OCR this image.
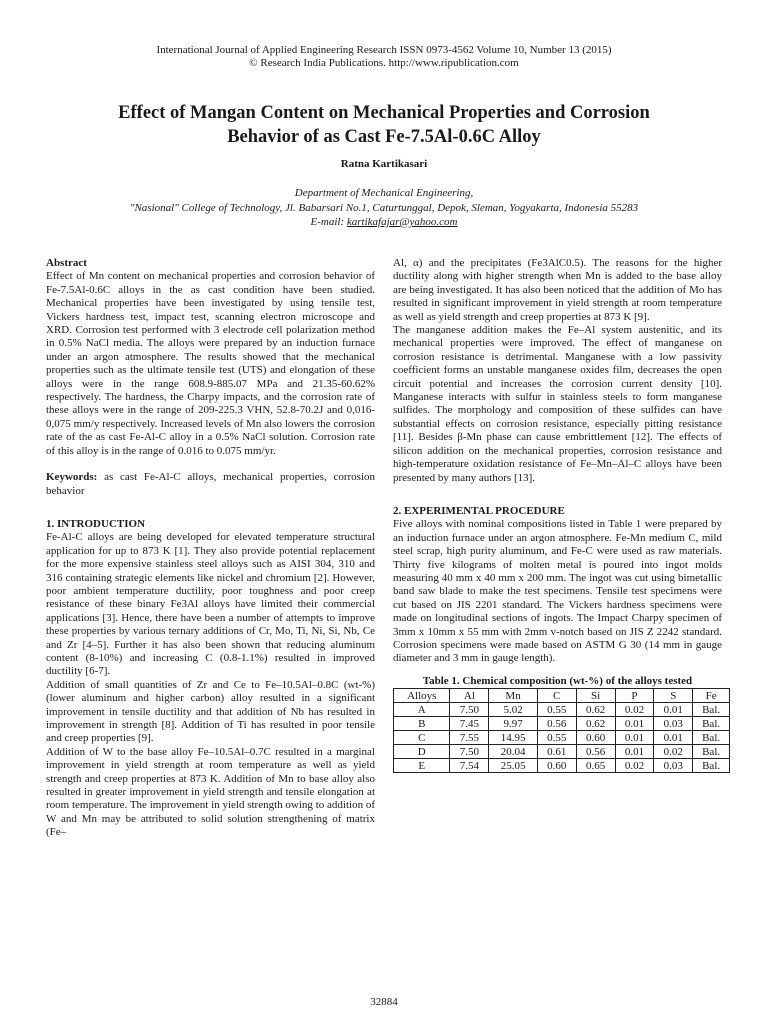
International Journal of Applied Engineering Research ISSN 0973-4562 Volume 10, Number 13 (2015)
© Research India Publications. http://www.ripublication.com
Effect of Mangan Content on Mechanical Properties and Corrosion
Behavior of as Cast Fe-7.5Al-0.6C Alloy
Ratna Kartikasari
Department of Mechanical Engineering,
"Nasional" College of Technology, Jl. Babarsari No.1, Caturtunggal, Depok, Sleman, Yogyakarta, Indonesia 55283
E-mail: kartikafajar@yahoo.com

Abstract

Effect of Mn content on mechanical properties and corrosion behavior of Fe-7.5Al-0.6C alloys in the as cast condition have been studied. Mechanical properties have been investigated by using tensile test, Vickers hardness test, impact test, scanning electron microscope and XRD. Corrosion test performed with 3 electrode cell polarization method in 0.5% NaCl media. The alloys were prepared by an induction furnace under an argon atmosphere. The results showed that the mechanical properties such as the ultimate tensile test (UTS) and elongation of these alloys were in the range 608.9-885.07 MPa and 21.35-60.62% respectively. The hardness, the Charpy impacts, and the corrosion rate of these alloys were in the range of 209-225.3 VHN, 52.8-70.2J and 0,016-0,075 mm/y respectively. Increased levels of Mn also lowers the corrosion rate of the as cast Fe-Al-C alloy in a 0.5% NaCl solution. Corrosion rate of this alloy is in the range of 0.016 to 0.075 mm/yr.

Keywords: as cast Fe-Al-C alloys, mechanical properties, corrosion behavior

1. INTRODUCTION

Fe-Al-C alloys are being developed for elevated temperature structural application for up to 873 K [1]. They also provide potential replacement for the more expensive stainless steel alloys such as AISI 304, 310 and 316 containing strategic elements like nickel and chromium [2]. However, poor ambient temperature ductility, poor toughness and poor creep resistance of these binary Fe3Al alloys have limited their commercial applications [3]. Hence, there have been a number of attempts to improve these properties by various ternary additions of Cr, Mo, Ti, Ni, Si, Nb, Ce and Zr [4–5]. Further it has also been shown that reducing aluminum content (8-10%) and increasing C (0.8-1.1%) resulted in improved ductility [6-7].

Addition of small quantities of Zr and Ce to Fe–10.5Al–0.8C (wt-%) (lower aluminum and higher carbon) alloy resulted in a significant improvement in tensile ductility and that addition of Nb has resulted in improvement in strength [8]. Addition of Ti has resulted in poor tensile and creep properties [9].

Addition of W to the base alloy Fe–10.5Al–0.7C resulted in a marginal improvement in yield strength at room temperature as well as yield strength and creep properties at 873 K. Addition of Mn to base alloy also resulted in greater improvement in yield strength and tensile elongation at room temperature. The improvement in yield strength owing to addition of W and Mn may be attributed to solid solution strengthening of matrix (Fe–

Al, α) and the precipitates (Fe3AlC0.5). The reasons for the higher ductility along with higher strength when Mn is added to the base alloy are being investigated. It has also been noticed that the addition of Mo has resulted in significant improvement in yield strength at room temperature as well as yield strength and creep properties at 873 K [9].

The manganese addition makes the Fe–Al system austenitic, and its mechanical properties were improved. The effect of manganese on corrosion resistance is detrimental. Manganese with a low passivity coefficient forms an unstable manganese oxides film, decreases the open circuit potential and increases the corrosion current density [10]. Manganese interacts with sulfur in stainless steels to form manganese sulfides. The morphology and composition of these sulfides can have substantial effects on corrosion resistance, especially pitting resistance [11]. Besides β-Mn phase can cause embrittlement [12]. The effects of silicon addition on the mechanical properties, corrosion resistance and high-temperature oxidation resistance of Fe–Mn–Al–C alloys have been presented by many authors [13].

2. EXPERIMENTAL PROCEDURE

Five alloys with nominal compositions listed in Table 1 were prepared by an induction furnace under an argon atmosphere. Fe-Mn medium C, mild steel scrap, high purity aluminum, and Fe-C were used as raw materials. Thirty five kilograms of molten metal is poured into ingot molds measuring 40 mm x 40 mm x 200 mm. The ingot was cut using bimetallic band saw blade to make the test specimens. Tensile test specimens were cut based on JIS 2201 standard. The Vickers hardness specimens were made on longitudinal sections of ingots. The Impact Charpy specimen of 3mm x 10mm x 55 mm with 2mm v-notch based on JIS Z 2242 standard. Corrosion specimens were made based on ASTM G 30 (14 mm in gauge diameter and 3 mm in gauge length).

Table 1. Chemical composition (wt-%) of the alloys tested

Alloys	Al	Mn	C	Si	P	S	Fe
A	7.50	5.02	0.55	0.62	0.02	0.01	Bal.
B	7.45	9.97	0.56	0.62	0.01	0.03	Bal.
C	7.55	14.95	0.55	0.60	0.01	0.01	Bal.
D	7.50	20.04	0.61	0.56	0.01	0.02	Bal.
E	7.54	25.05	0.60	0.65	0.02	0.03	Bal.
32884
